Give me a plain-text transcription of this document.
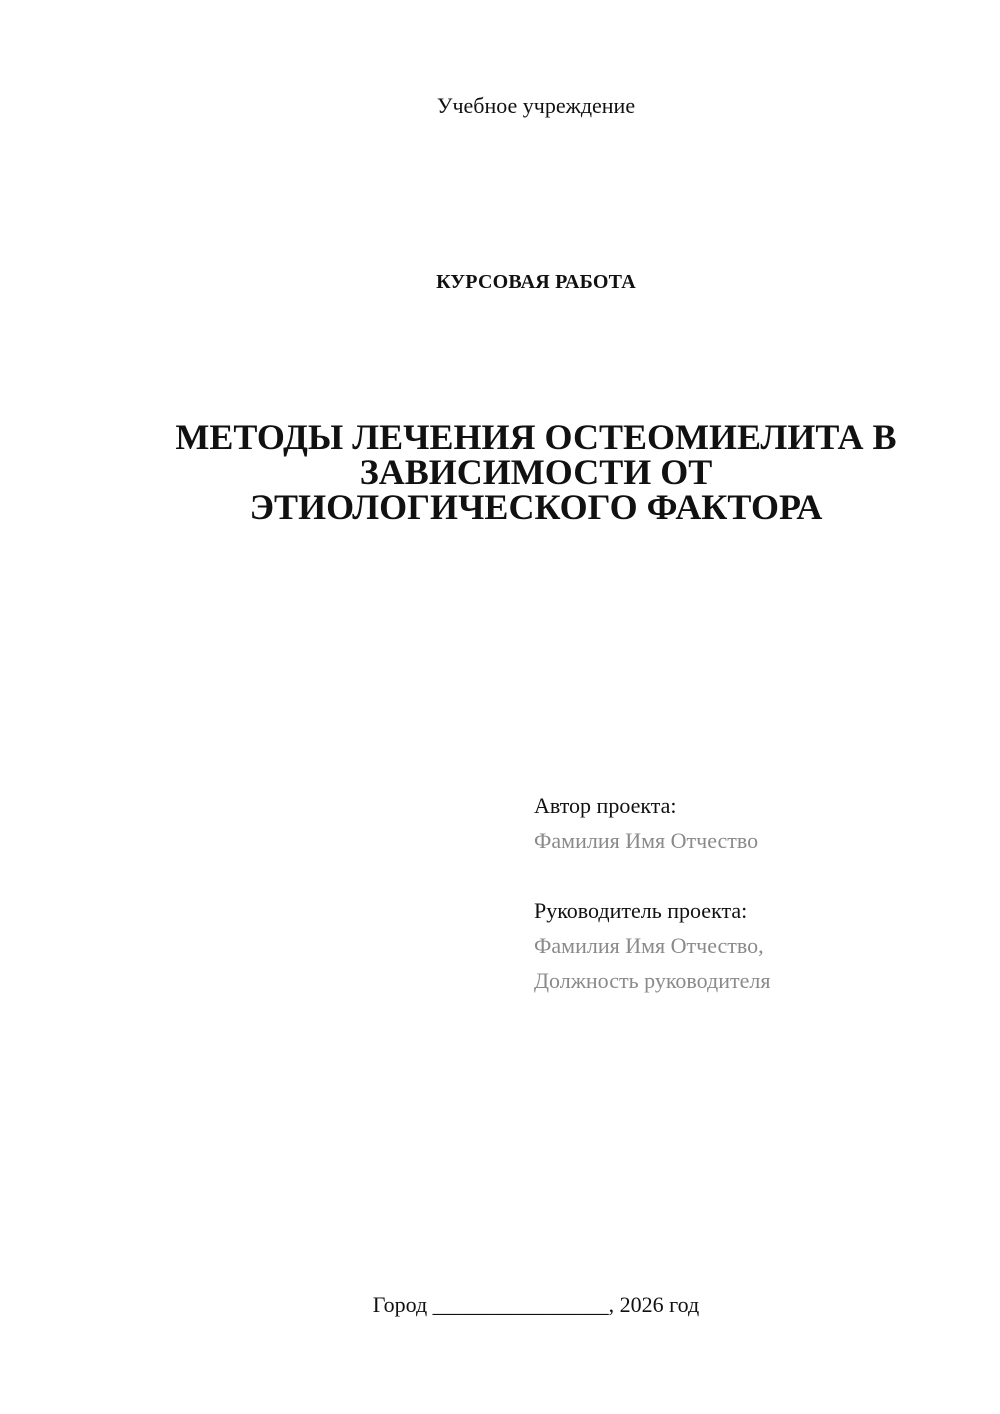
Учебное учреждение
КУРСОВАЯ РАБОТА
МЕТОДЫ ЛЕЧЕНИЯ ОСТЕОМИЕЛИТА В
ЗАВИСИМОСТИ ОТ
ЭТИОЛОГИЧЕСКОГО ФАКТОРА
Автор проекта:
Фамилия Имя Отчество
Руководитель проекта:
Фамилия Имя Отчество,
Должность руководителя
Город ________________, 2026 год
